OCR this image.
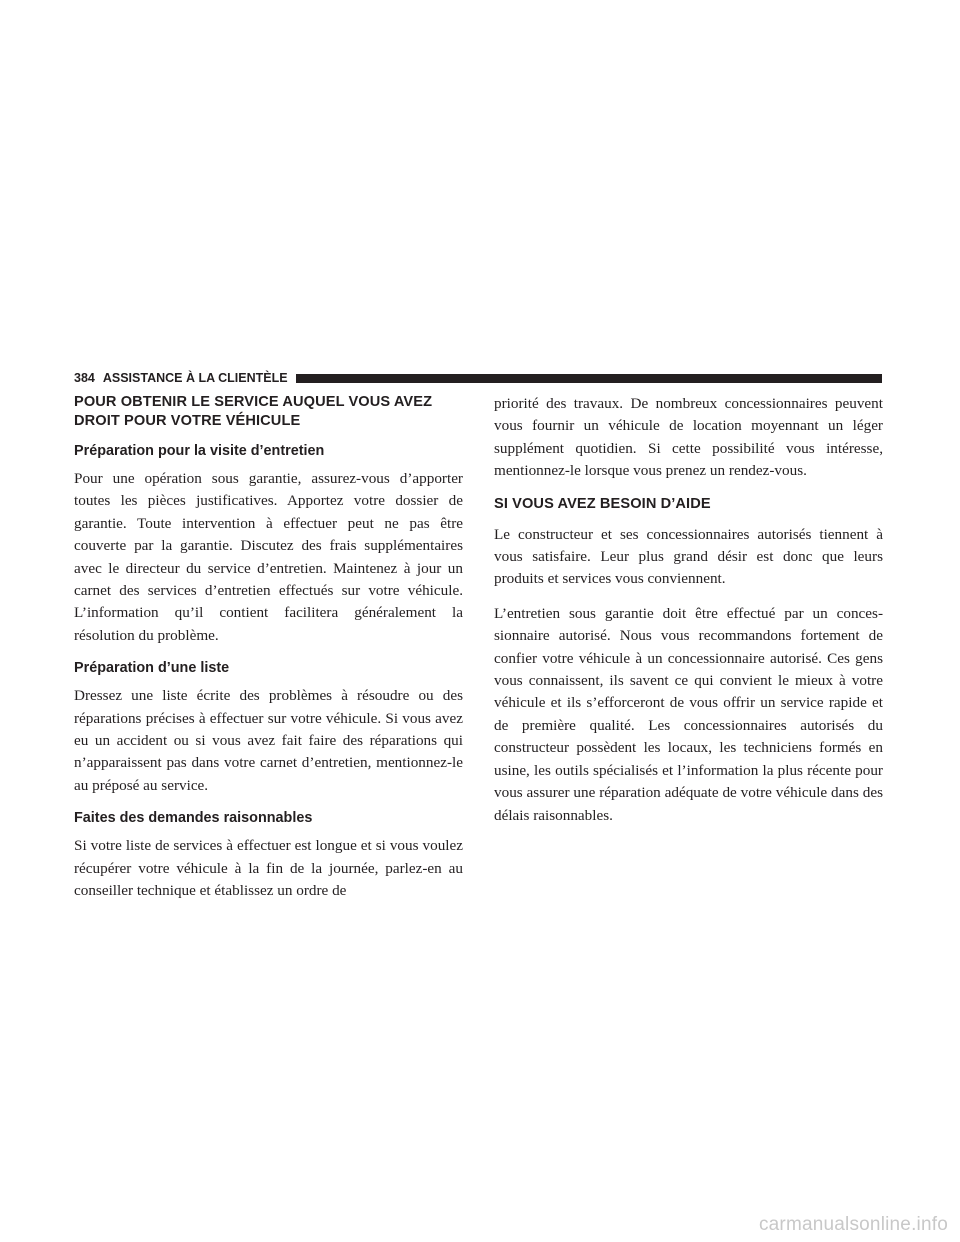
384 ASSISTANCE À LA CLIENTÈLE
POUR OBTENIR LE SERVICE AUQUEL VOUS AVEZ DROIT POUR VOTRE VÉHICULE
Préparation pour la visite d’entretien

Pour une opération sous garantie, assurez-vous d’apporter toutes les pièces justificatives. Apportez votre dossier de garantie. Toute intervention à effectuer peut ne pas être couverte par la garantie. Discutez des frais supplémentaires avec le directeur du service d’entretien. Maintenez à jour un carnet des services d’entretien effectués sur votre véhicule. L’information qu’il contient facilitera généralement la résolution du problème.

Préparation d’une liste

Dressez une liste écrite des problèmes à résoudre ou des réparations précises à effectuer sur votre véhicule. Si vous avez eu un accident ou si vous avez fait faire des réparations qui n’apparaissent pas dans votre carnet d’entretien, mentionnez-le au préposé au service.

Faites des demandes raisonnables

Si votre liste de services à effectuer est longue et si vous voulez récupérer votre véhicule à la fin de la journée, parlez-en au conseiller technique et établissez un ordre de

priorité des travaux. De nombreux concessionnaires peuvent vous fournir un véhicule de location moyennant un léger supplément quotidien. Si cette possibilité vous intéresse, mentionnez-le lorsque vous prenez un rendez-vous.

SI VOUS AVEZ BESOIN D’AIDE

Le constructeur et ses concessionnaires autorisés tiennent à vous satisfaire. Leur plus grand désir est donc que leurs produits et services vous conviennent.

L’entretien sous garantie doit être effectué par un concessionnaire autorisé. Nous vous recommandons fortement de confier votre véhicule à un concessionnaire autorisé. Ces gens vous connaissent, ils savent ce qui convient le mieux à votre véhicule et ils s’efforceront de vous offrir un service rapide et de première qualité. Les concessionnaires autorisés du constructeur possèdent les locaux, les techniciens formés en usine, les outils spécialisés et l’information la plus récente pour vous assurer une réparation adéquate de votre véhicule dans des délais raisonnables.

carmanualsonline.info
